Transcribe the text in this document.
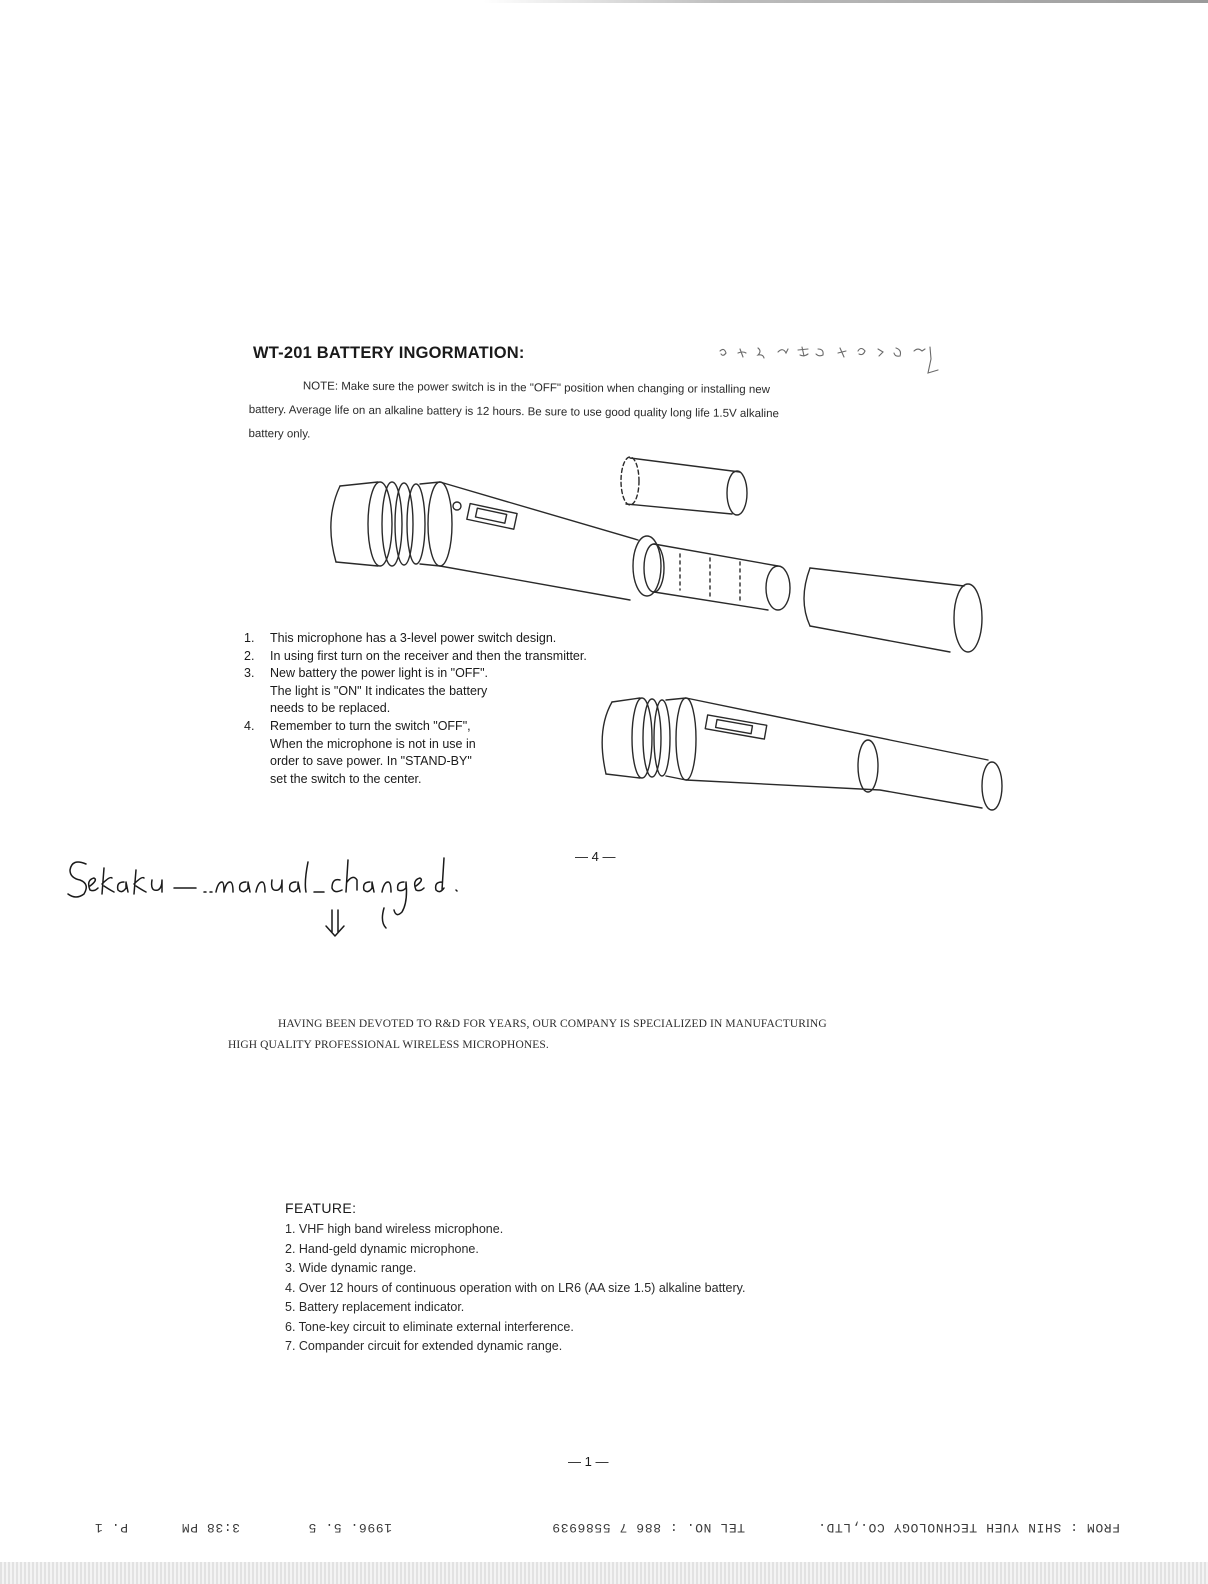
WT-201 BATTERY INGORMATION:
NOTE: Make sure the power switch is in the "OFF" position when changing or installing new
battery. Average life on an alkaline battery is 12 hours. Be sure to use good quality long life 1.5V alkaline
battery only.
1.	This microphone has a 3-level power switch design.
2.	In using first turn on the receiver and then the transmitter.
3.	New battery the power light is in "OFF".
The light is "ON" It indicates the battery
needs to be replaced.
4.	Remember to turn the switch "OFF",
When the microphone is not in use in
order to save power. In "STAND-BY"
set the switch to the center.
— 4 —
HAVING BEEN DEVOTED TO R&D FOR YEARS, OUR COMPANY IS SPECIALIZED IN MANUFACTURING
HIGH QUALITY PROFESSIONAL WIRELESS MICROPHONES.
FEATURE:
1. VHF high band wireless microphone.
2. Hand-geld dynamic microphone.
3. Wide dynamic range.
4. Over 12 hours of continuous operation with on LR6 (AA size 1.5) alkaline battery.
5. Battery replacement indicator.
6. Tone-key circuit to eliminate external interference.
7. Compander circuit for extended dynamic range.
— 1 —

FROM : SHIN YUEH TECHNOLOGY CO.,LTD.

TEL NO. : 886 7 5586939

1996. 5. 5

3:38 PM

P. 1
